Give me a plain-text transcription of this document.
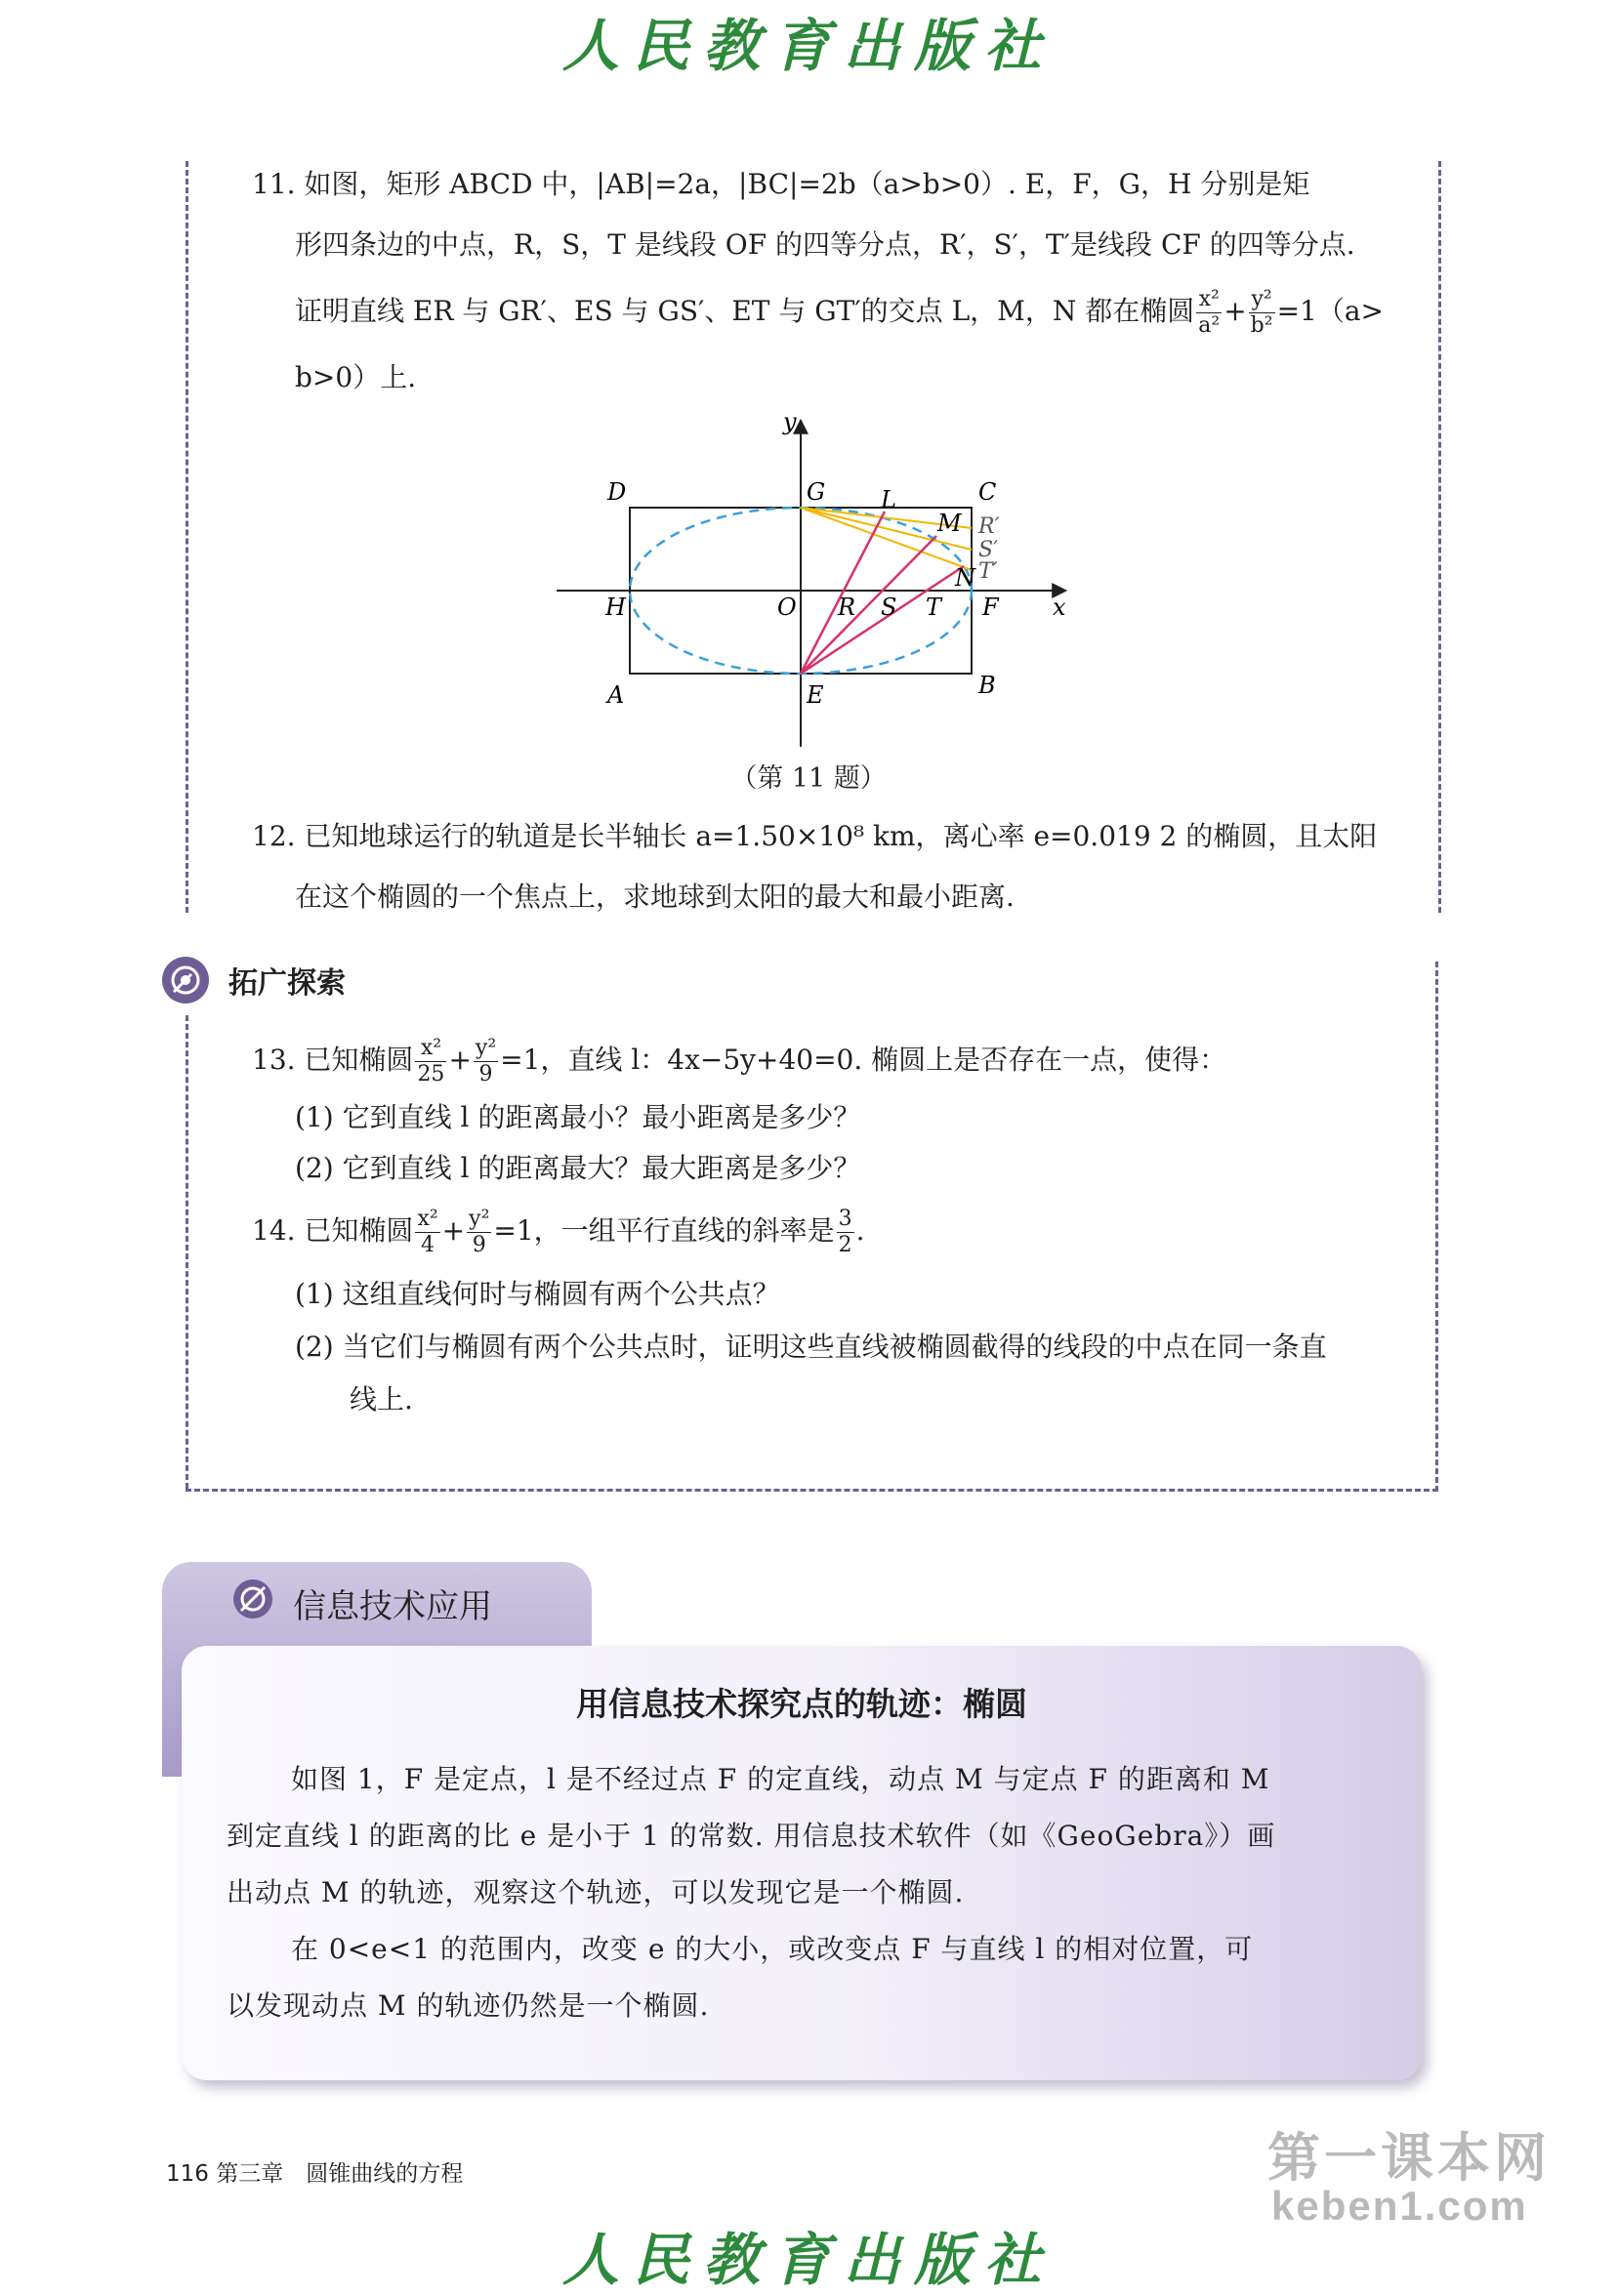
人民教育出版社

11. 如图，矩形 ABCD 中，|AB|=2a，|BC|=2b（a>b>0）. E，F，G，H 分别是矩

形四条边的中点，R，S，T 是线段 OF 的四等分点，R′，S′，T′是线段 CF 的四等分点.

证明直线 ER 与 GR′、ES 与 GS′、ET 与 GT′的交点 L，M，N 都在椭圆 $\frac{\text{x²}}{\text{a²}} + \frac{\text{y²}}{\text{b²}} =1(a>$

b>0）上.

y
x
D	G L	C
M R′
S′
T′
N
H	O R S T F
A	E	B
（第 11 题）

12. 已知地球运行的轨道是长半轴长 a=1.50×10⁸ km，离心率 e=0.019 2 的椭圆，且太阳

在这个椭圆的一个焦点上，求地球到太阳的最大和最小距离.

拓广探索

13. 已知椭圆 $\frac{\text{x²}}{25} + \frac{\text{y²}}{9} =1$，直线 l：4x−5y+40=0. 椭圆上是否存在一点，使得：

(1) 它到直线 l 的距离最小？最小距离是多少？

(2) 它到直线 l 的距离最大？最大距离是多少？

14. 已知椭圆 $\frac{\text{x²}}{4} + \frac{\text{y²}}{9} =1$，一组平行直线的斜率是 $\frac{3}{2}$ .

(1) 这组直线何时与椭圆有两个公共点？

(2) 当它们与椭圆有两个公共点时，证明这些直线被椭圆截得的线段的中点在同一条直

线上.

信息技术应用
用信息技术探究点的轨迹：椭圆
如图 1，F 是定点，l 是不经过点 F 的定直线，动点 M 与定点 F 的距离和 M
到定直线 l 的距离的比 e 是小于 1 的常数. 用信息技术软件（如《GeoGebra》）画
出动点 M 的轨迹，观察这个轨迹，可以发现它是一个椭圆.
在 0<e<1 的范围内，改变 e 的大小，或改变点 F 与直线 l 的相对位置，可
以发现动点 M 的轨迹仍然是一个椭圆.
116 第三章　圆锥曲线的方程	第一课本网
keben1.com
人民教育出版社
